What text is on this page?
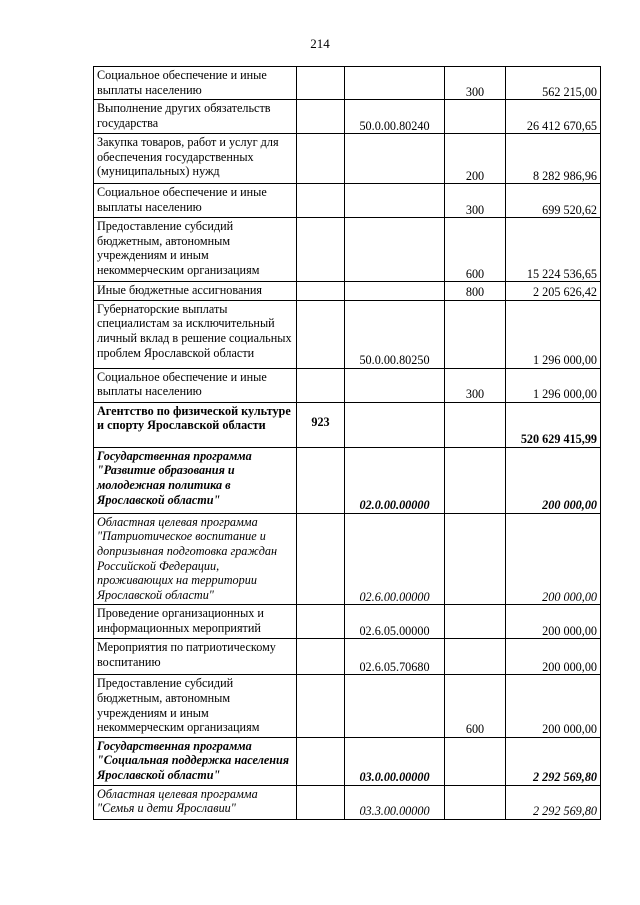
214
Социальное обеспечение и иные выплаты населению			300	562 215,00
Выполнение других обязательств государства		50.0.00.80240		26 412 670,65
Закупка товаров, работ и услуг для обеспечения государственных (муниципальных) нужд			200	8 282 986,96
Социальное обеспечение и иные выплаты населению			300	699 520,62
Предоставление субсидий бюджетным, автономным учреждениям и иным некоммерческим организациям			600	15 224 536,65
Иные бюджетные ассигнования			800	2 205 626,42
Губернаторские выплаты специалистам за исключительный личный вклад в решение социальных проблем Ярославской области		50.0.00.80250		1 296 000,00
Социальное обеспечение и иные выплаты населению			300	1 296 000,00
Агентство по физической культуре и спорту Ярославской области	923			520 629 415,99
Государственная программа "Развитие образования и молодежная политика в Ярославской области"		02.0.00.00000		200 000,00
Областная целевая программа "Патриотическое воспитание и допризывная подготовка граждан Российской Федерации, проживающих на территории Ярославской области"		02.6.00.00000		200 000,00
Проведение организационных и информационных мероприятий		02.6.05.00000		200 000,00
Мероприятия по патриотическому воспитанию		02.6.05.70680		200 000,00
Предоставление субсидий бюджетным, автономным учреждениям и иным некоммерческим организациям			600	200 000,00
Государственная программа "Социальная поддержка населения Ярославской области"		03.0.00.00000		2 292 569,80
Областная целевая программа "Семья и дети Ярославии"		03.3.00.00000		2 292 569,80
